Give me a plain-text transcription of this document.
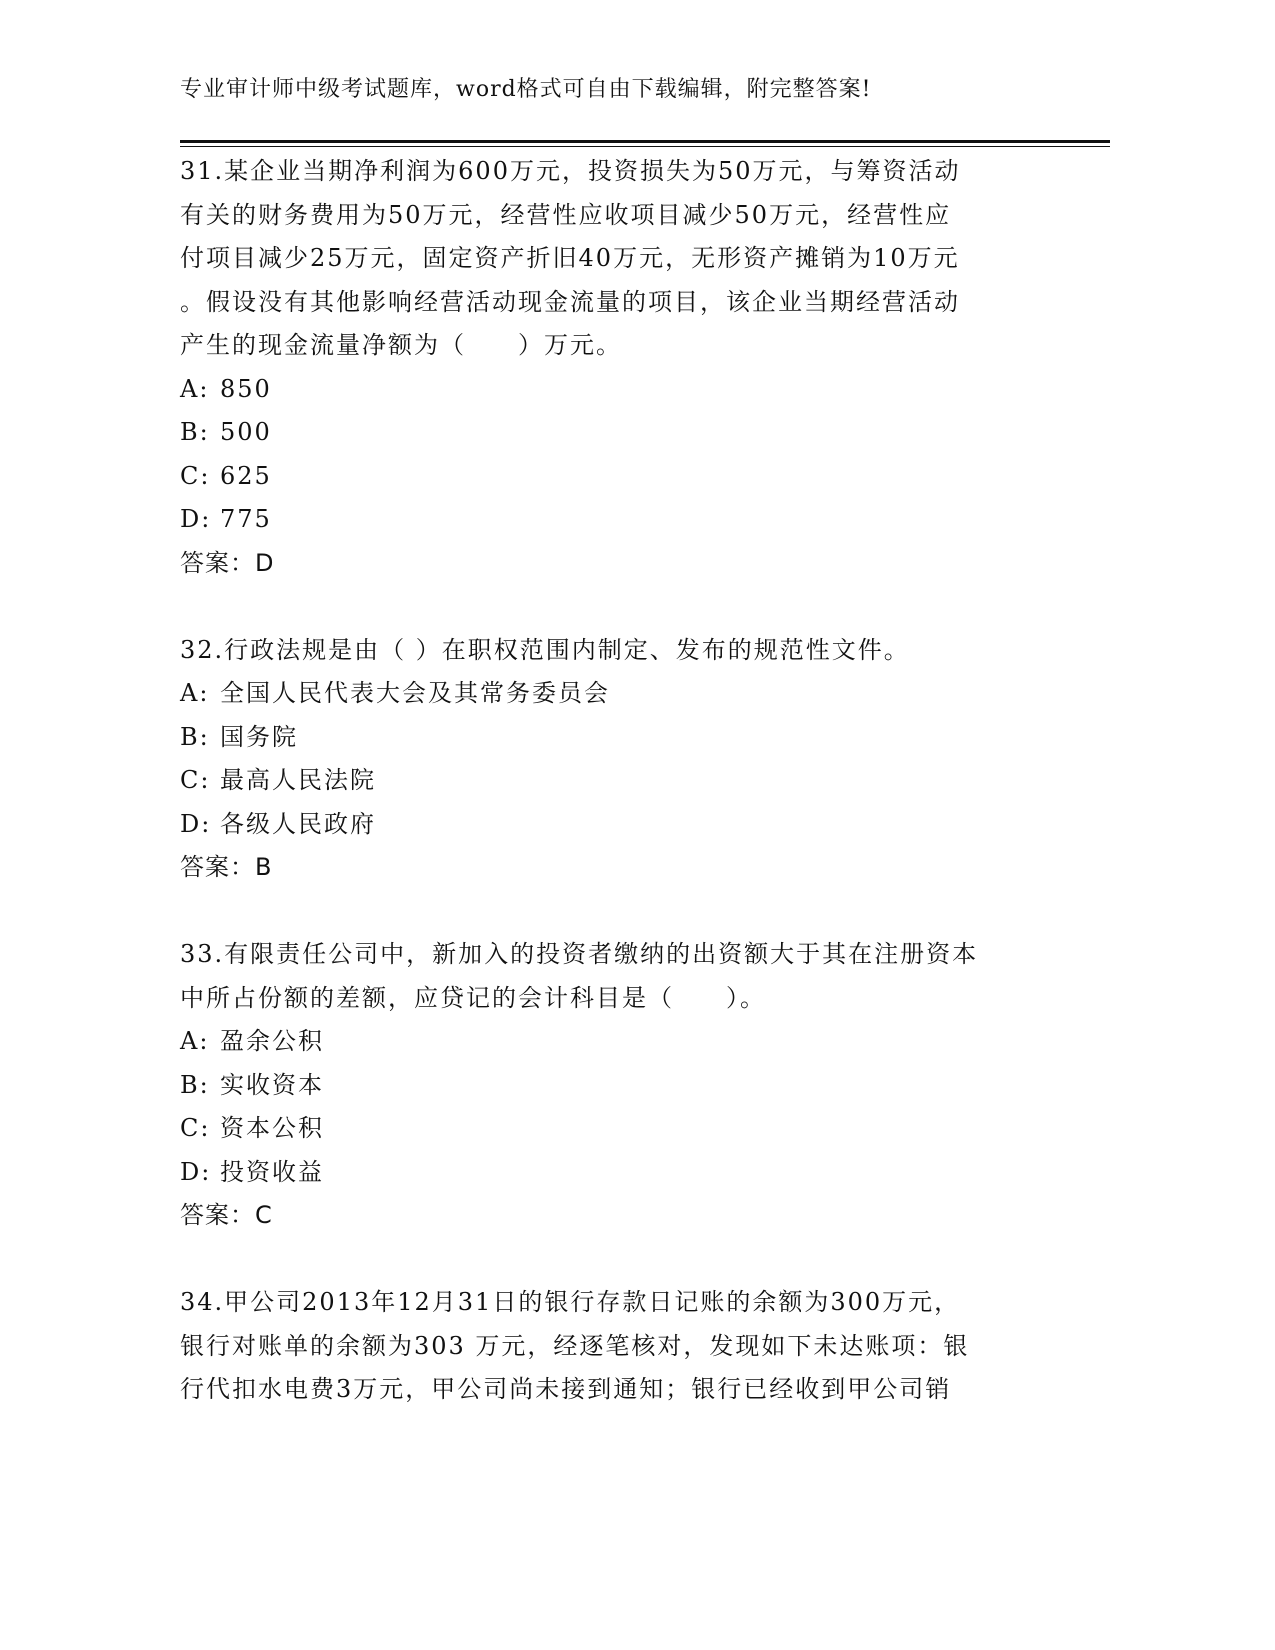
专业审计师中级考试题库，word格式可自由下载编辑，附完整答案!

31.某企业当期净利润为600万元，投资损失为50万元，与筹资活动

有关的财务费用为50万元，经营性应收项目减少50万元，经营性应

付项目减少25万元，固定资产折旧40万元，无形资产摊销为10万元

。假设没有其他影响经营活动现金流量的项目，该企业当期经营活动

产生的现金流量净额为（　　）万元。

A: 850

B: 500

C: 625

D: 775

答案：D

32.行政法规是由（ ）在职权范围内制定、发布的规范性文件。

A: 全国人民代表大会及其常务委员会

B: 国务院

C: 最高人民法院

D: 各级人民政府

答案：B

33.有限责任公司中，新加入的投资者缴纳的出资额大于其在注册资本

中所占份额的差额，应贷记的会计科目是（　　）。

A: 盈余公积

B: 实收资本

C: 资本公积

D: 投资收益

答案：C

34.甲公司2013年12月31日的银行存款日记账的余额为300万元，

银行对账单的余额为303 万元，经逐笔核对，发现如下未达账项：银

行代扣水电费3万元，甲公司尚未接到通知；银行已经收到甲公司销
